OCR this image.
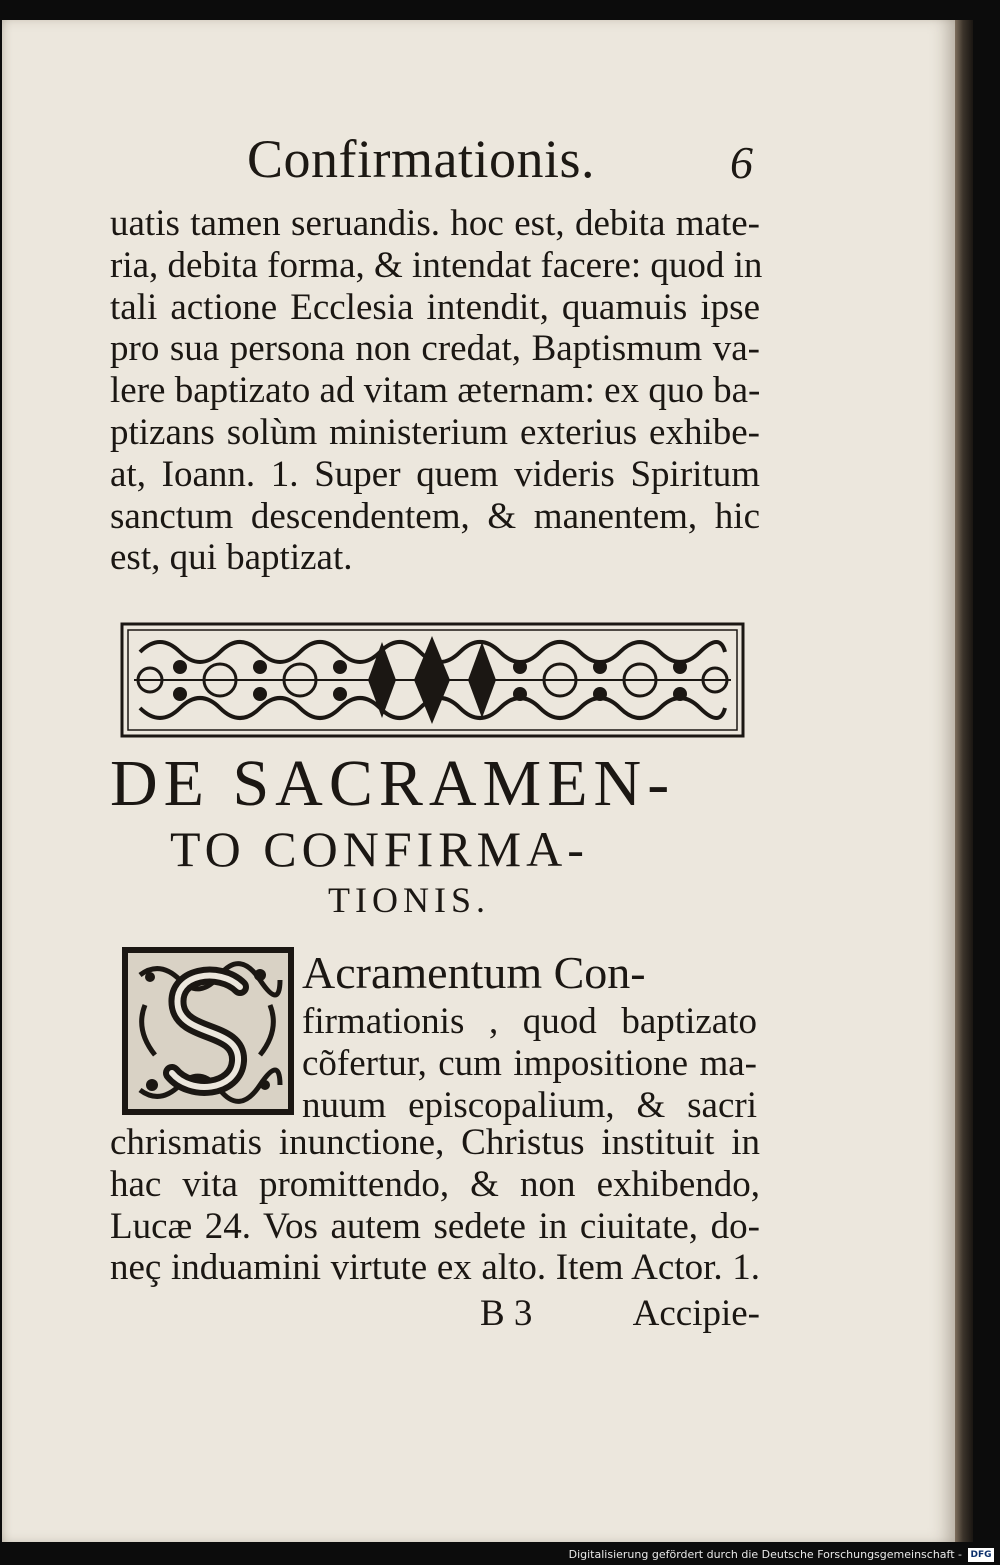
Confirmationis.	6
uatis tamen seruandis. hoc est, debita mate-
ria, debita forma, & intendat facere: quod in
tali actione Ecclesia intendit, quamuis ipse
pro sua persona non credat, Baptismum va-
lere baptizato ad vitam æternam: ex quo ba-
ptizans solùm ministerium exterius exhibe-
at, Ioann. 1. Super quem videris Spiritum
sanctum descendentem, & manentem, hic
est, qui baptizat.
DE SACRAMEN-
TO CONFIRMA-
TIONIS.
Acramentum Con-
firmationis , quod baptizato
cõfertur, cum impositione ma-
nuum episcopalium, & sacri
chrismatis inunctione, Christus instituit in
hac vita promittendo, & non exhibendo,
Lucæ 24. Vos autem sedete in ciuitate, do-
neç induamini virtute ex alto. Item Actor. 1.
B 3	Accipie-
Digitalisierung gefördert durch die Deutsche Forschungsgemeinschaft - DFG
